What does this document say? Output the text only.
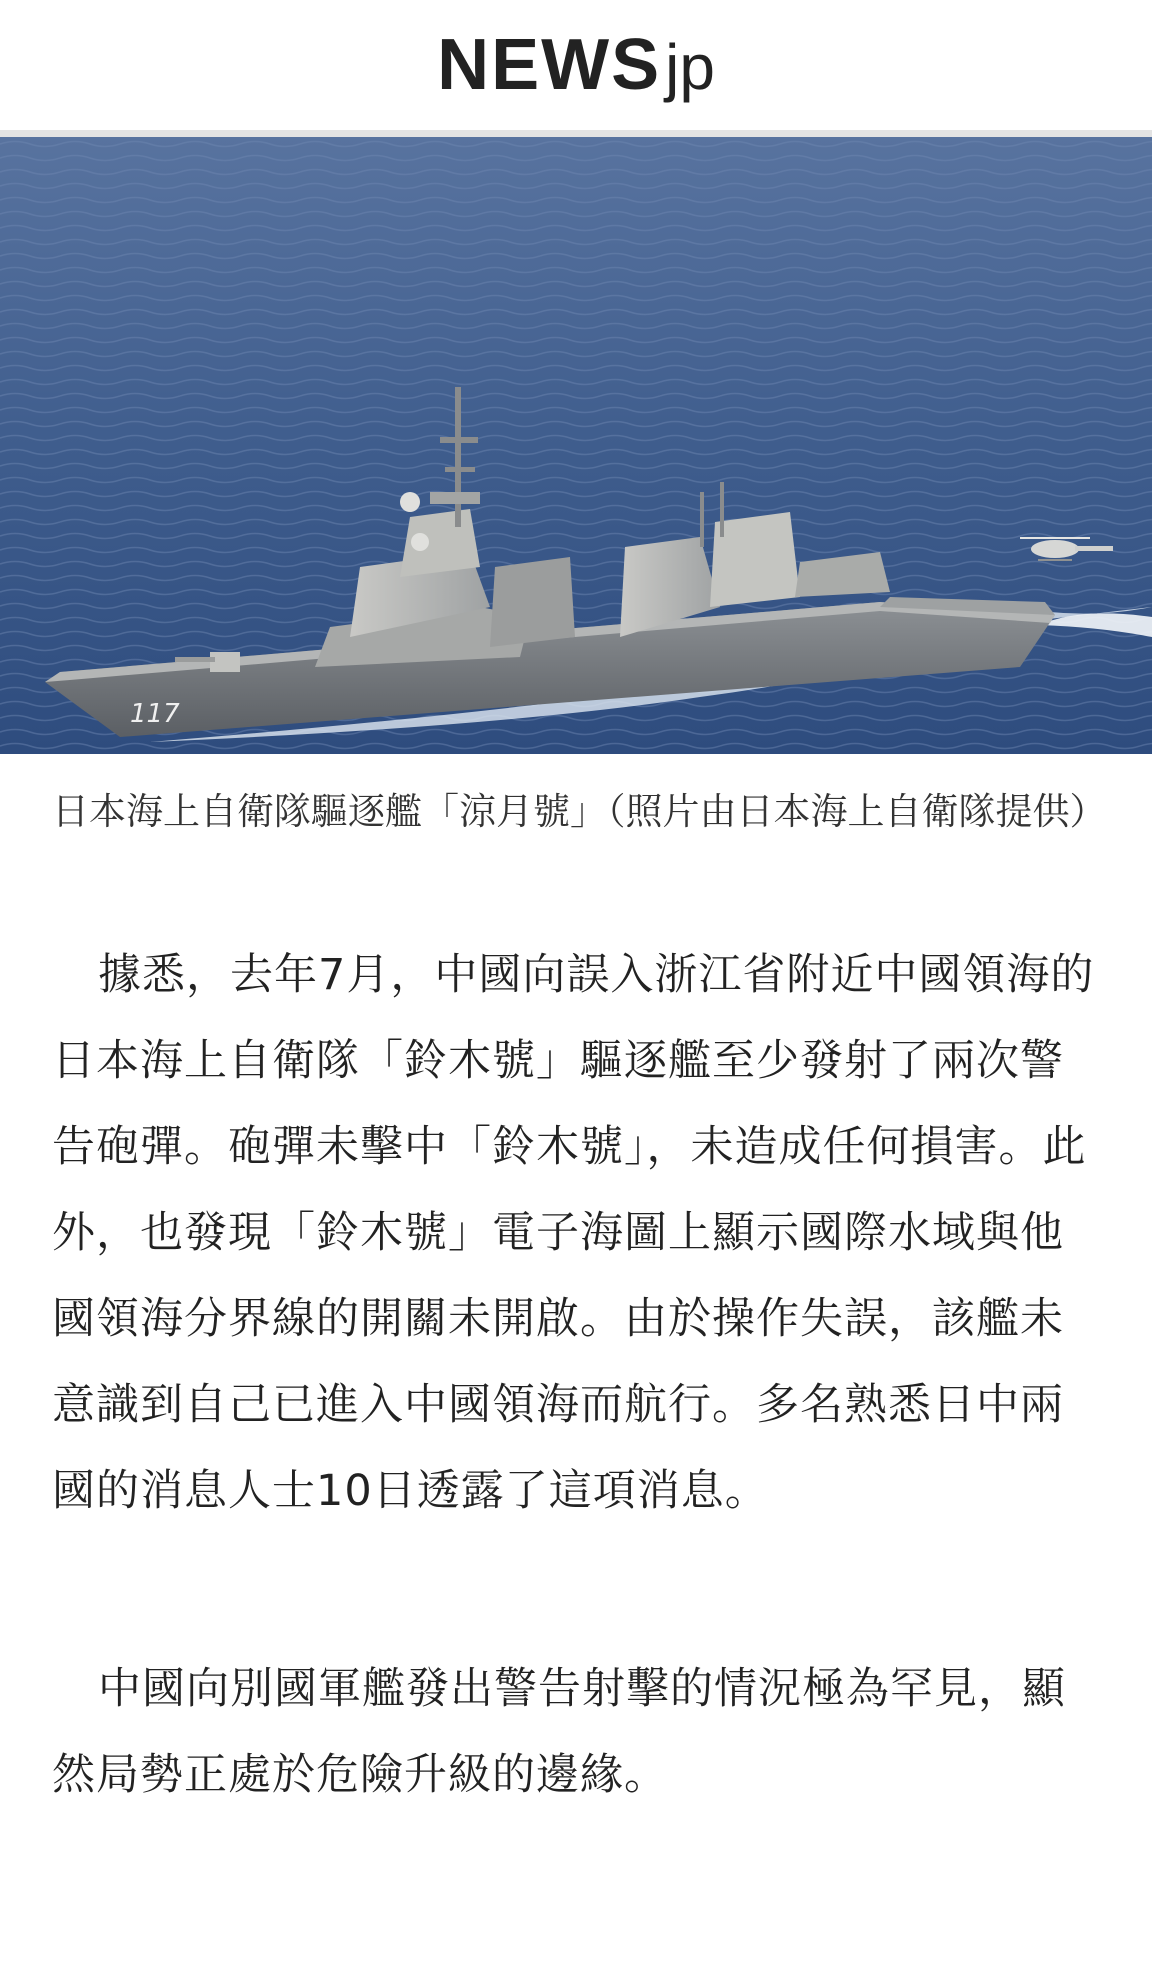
NEWSjp
117
日本海上自衛隊驅逐艦「涼月號」（照片由日本海上自衛隊提供）

據悉，去年7月，中國向誤入浙江省附近中國領海的日本海上自衛隊「鈴木號」驅逐艦至少發射了兩次警告砲彈。砲彈未擊中「鈴木號」，未造成任何損害。此外，也發現「鈴木號」電子海圖上顯示國際水域與他國領海分界線的開關未開啟。由於操作失誤，該艦未意識到自己已進入中國領海而航行。多名熟悉日中兩國的消息人士10日透露了這項消息。

中國向別國軍艦發出警告射擊的情況極為罕見，顯然局勢正處於危險升級的邊緣。
